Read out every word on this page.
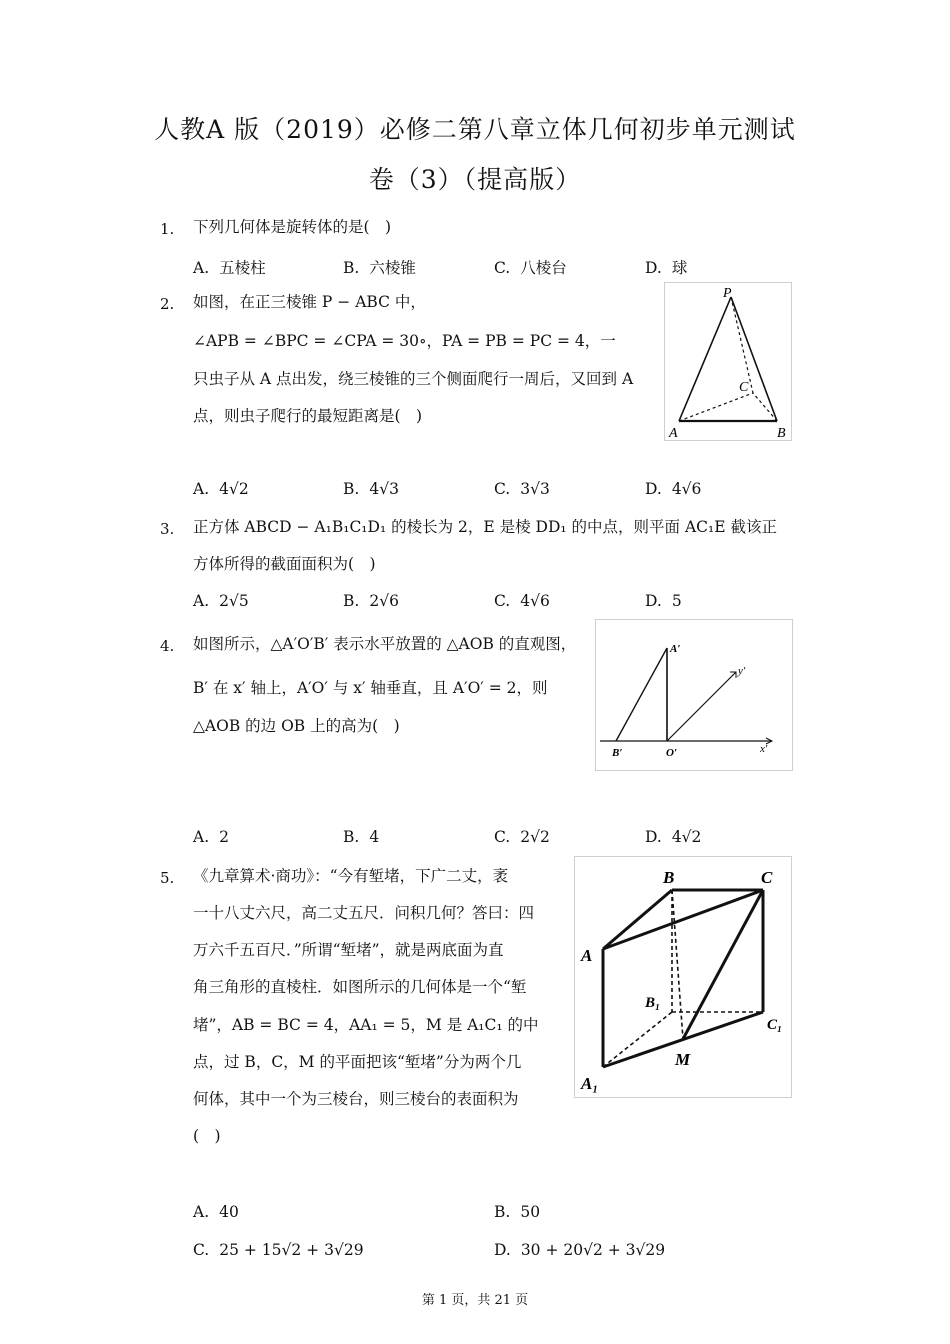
人教A 版（2019）必修二第八章立体几何初步单元测试
卷（3）（提高版）
1. 下列几何体是旋转体的是(　)
A. 五棱柱	B. 六棱锥	C. 八棱台	D. 球
2. 如图，在正三棱锥 P − ABC 中，
∠APB = ∠BPC = ∠CPA = 30∘，PA = PB = PC = 4，一
只虫子从 A 点出发，绕三棱锥的三个侧面爬行一周后，又回到 A
点，则虫子爬行的最短距离是(　)
P
C
A	B
A. 4√2	B. 4√3	C. 3√3	D. 4√6
3. 正方体 ABCD − A₁B₁C₁D₁ 的棱长为 2，E 是棱 DD₁ 的中点，则平面 AC₁E 截该正
方体所得的截面面积为(　)
A. 2√5	B. 2√6	C. 4√6	D. 5
4. 如图所示，△A′O′B′ 表示水平放置的 △AOB 的直观图，
B′ 在 x′ 轴上，A′O′ 与 x′ 轴垂直，且 A′O′ = 2，则
△AOB 的边 OB 上的高为(　)
A′
y′
B′	O′	x′
A. 2	B. 4	C. 2√2	D. 4√2
5. 《九章算术·商功》：“今有堑堵，下广二丈，袤
一十八丈六尺，高二丈五尺．问积几何？答曰：四
万六千五百尺．”所谓“堑堵”，就是两底面为直
角三角形的直棱柱．如图所示的几何体是一个“堑
堵”，AB = BC = 4，AA₁ = 5，M 是 A₁C₁ 的中
点，过 B，C，M 的平面把该“堑堵”分为两个几
何体，其中一个为三棱台，则三棱台的表面积为
(　)
B	C
A
B₁
C₁
M
A₁
A. 40	B. 50
C. 25 + 15√2 + 3√29	D. 30 + 20√2 + 3√29
第 1 页，共 21 页
